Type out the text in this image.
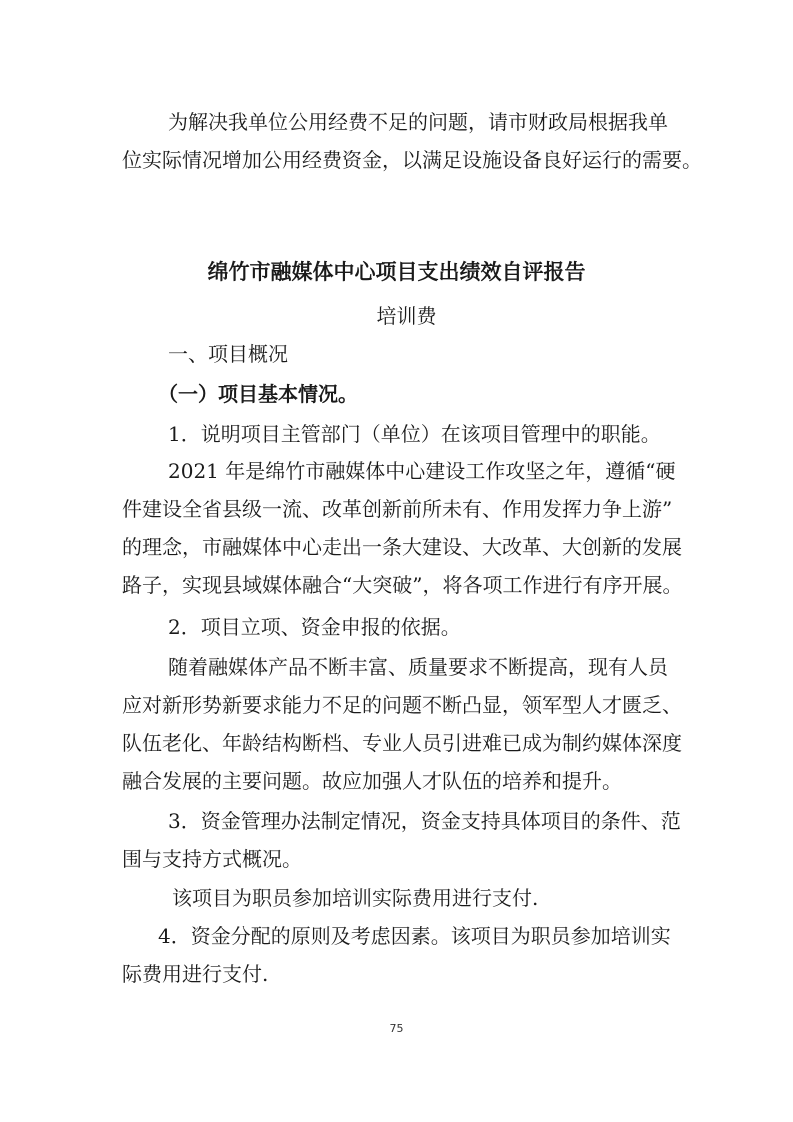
为解决我单位公用经费不足的问题，请市财政局根据我单
位实际情况增加公用经费资金，以满足设施设备良好运行的需要。
绵竹市融媒体中心项目支出绩效自评报告
培训费
一、项目概况
（一）项目基本情况。
1．说明项目主管部门（单位）在该项目管理中的职能。
2021 年是绵竹市融媒体中心建设工作攻坚之年，遵循“硬
件建设全省县级一流、改革创新前所未有、作用发挥力争上游”
的理念，市融媒体中心走出一条大建设、大改革、大创新的发展
路子，实现县域媒体融合“大突破”，将各项工作进行有序开展。
2．项目立项、资金申报的依据。
随着融媒体产品不断丰富、质量要求不断提高，现有人员
应对新形势新要求能力不足的问题不断凸显，领军型人才匮乏、
队伍老化、年龄结构断档、专业人员引进难已成为制约媒体深度
融合发展的主要问题。故应加强人才队伍的培养和提升。
3．资金管理办法制定情况，资金支持具体项目的条件、范
围与支持方式概况。
该项目为职员参加培训实际费用进行支付.
4．资金分配的原则及考虑因素。该项目为职员参加培训实
际费用进行支付.
75
